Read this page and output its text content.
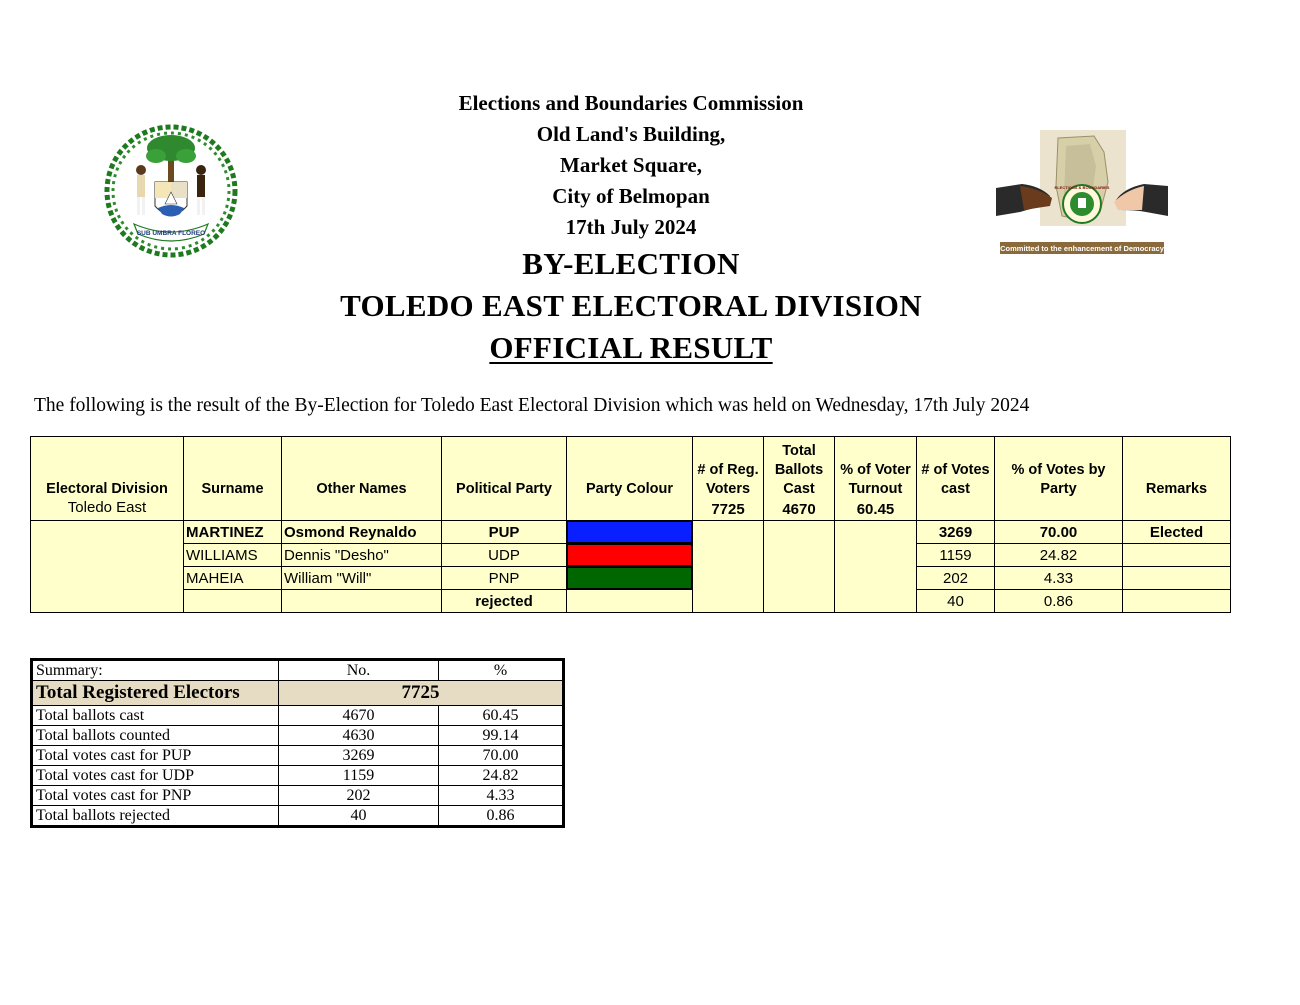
Elections and Boundaries Commission
Old Land's Building,
Market Square,
City of Belmopan
17th July 2024
BY-ELECTION
TOLEDO EAST ELECTORAL DIVISION
OFFICIAL RESULT
SUB UMBRA FLOREO
ELECTIONS & BOUNDARIES
Committed to the enhancement of Democracy
The following is the result of the By-Election for Toledo East Electoral Division which was held on Wednesday, 17th July 2024
Electoral Division	Surname	Other Names	Political Party	Party Colour	# of Reg. Voters	Total Ballots Cast	% of Voter Turnout	# of Votes cast	% of Votes by Party	Remarks
Toledo East					7725	4670	60.45			
	MARTINEZ	Osmond Reynaldo	PUP					3269	70.00	Elected
	WILLIAMS	Dennis "Desho"	UDP					1159	24.82	
	MAHEIA	William "Will"	PNP					202	4.33	
			rejected					40	0.86	
Summary:	No.	%
Total Registered Electors	7725	
Total ballots cast	4670	60.45
Total ballots counted	4630	99.14
Total votes cast for PUP	3269	70.00
Total votes cast for UDP	1159	24.82
Total votes cast for PNP	202	4.33
Total ballots rejected	40	0.86
